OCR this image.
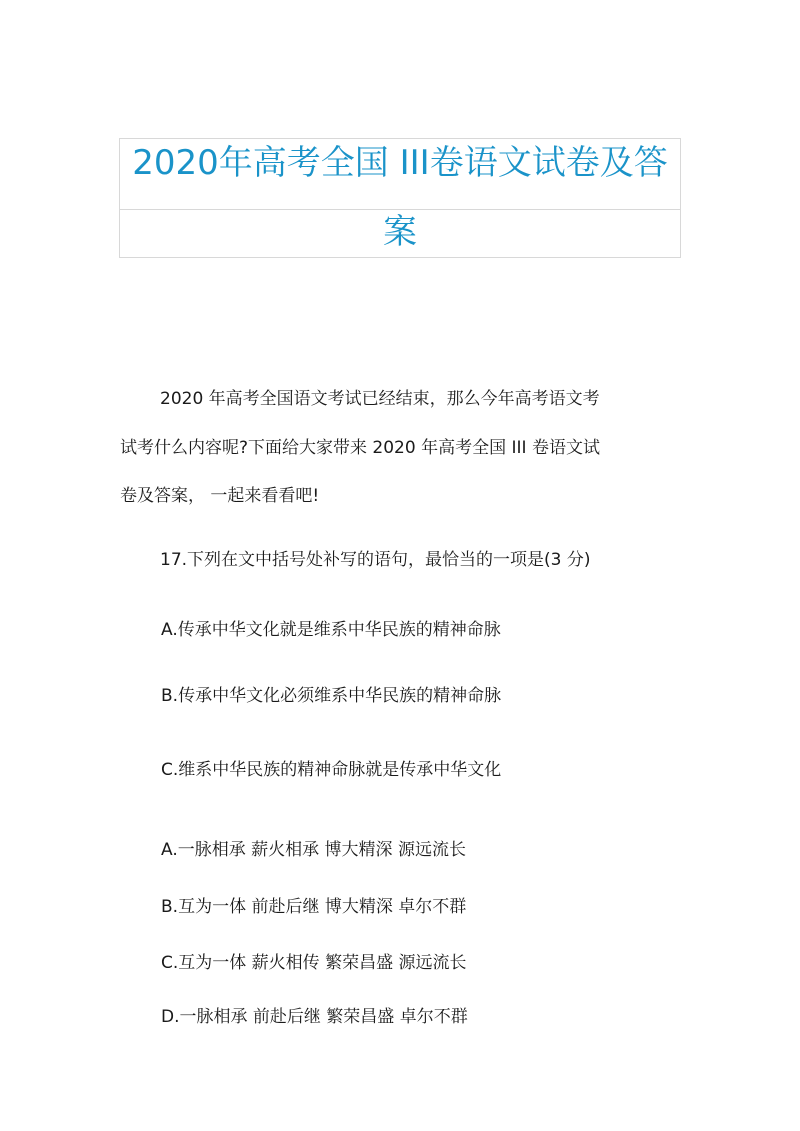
2020年高考全国 III卷语文试卷及答
案
2020 年高考全国语文考试已经结束，那么今年高考语文考
试考什么内容呢?下面给大家带来 2020 年高考全国 III 卷语文试
卷及答案， 一起来看看吧!
17.下列在文中括号处补写的语句，最恰当的一项是(3 分)
A.传承中华文化就是维系中华民族的精神命脉
B.传承中华文化必须维系中华民族的精神命脉
C.维系中华民族的精神命脉就是传承中华文化
A.一脉相承 薪火相承 博大精深 源远流长
B.互为一体 前赴后继 博大精深 卓尔不群
C.互为一体 薪火相传 繁荣昌盛 源远流长
D.一脉相承 前赴后继 繁荣昌盛 卓尔不群
